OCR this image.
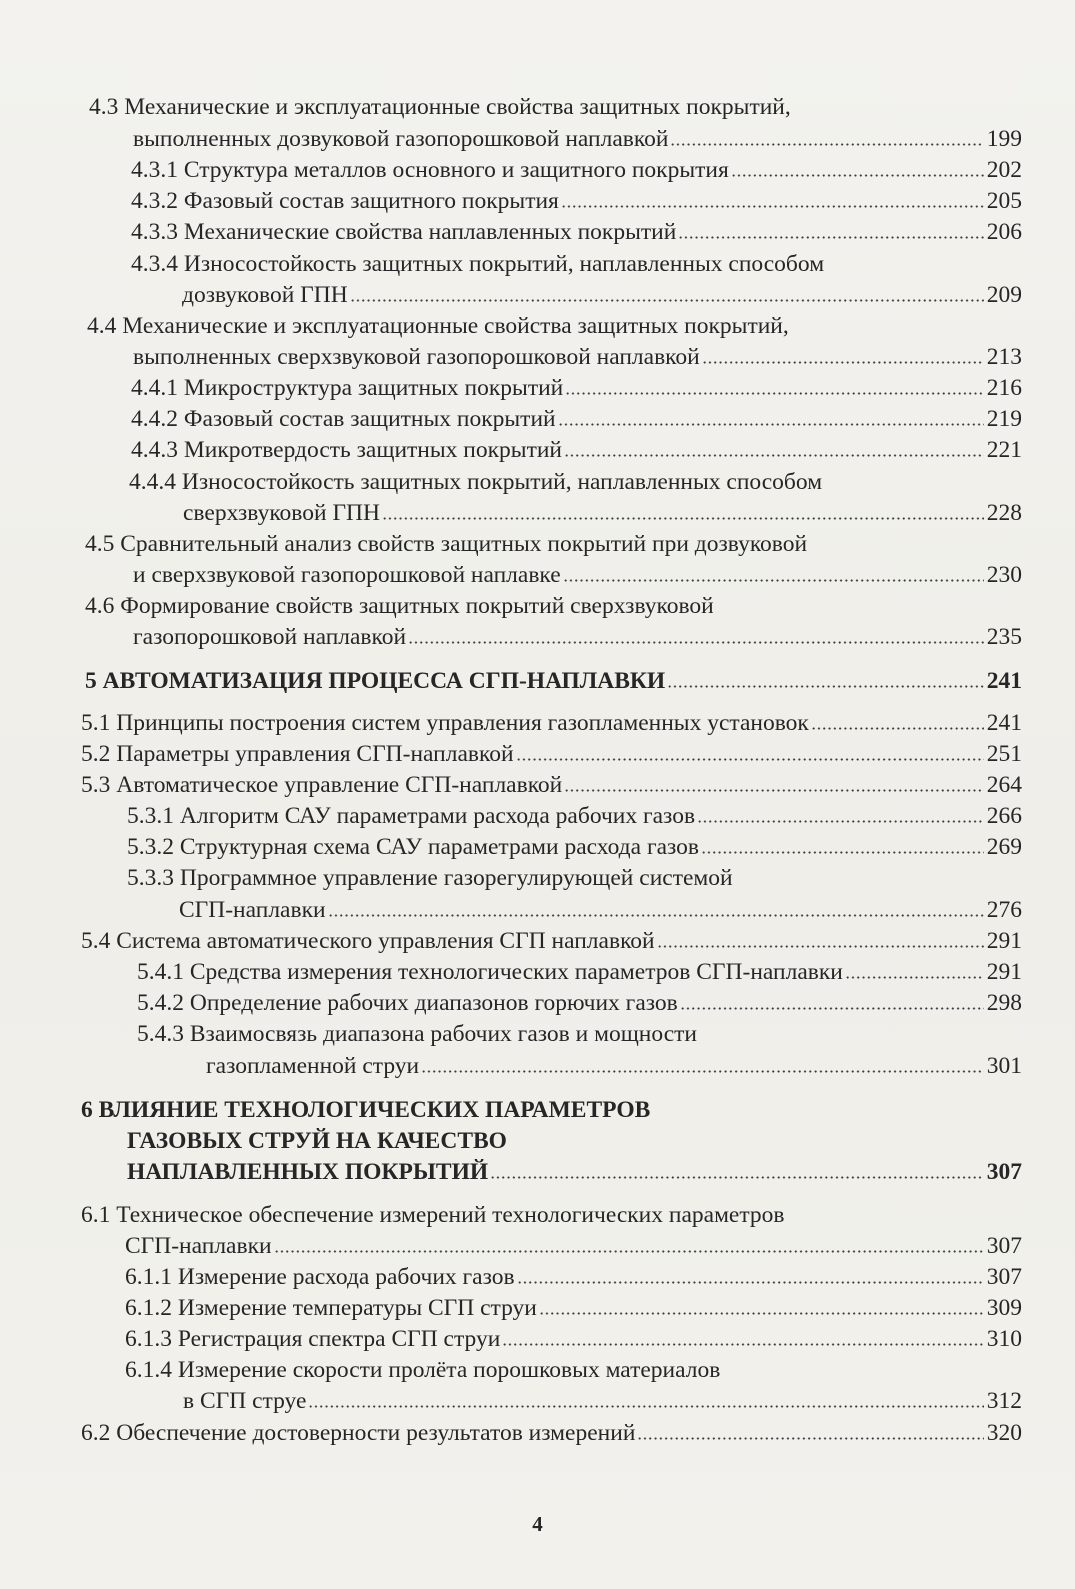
4.3 Механические и эксплуатационные свойства защитных покрытий,
выполненных дозвуковой газопорошковой наплавкой	199
4.3.1 Структура металлов основного и защитного покрытия	202
4.3.2 Фазовый состав защитного покрытия	205
4.3.3 Механические свойства наплавленных покрытий	206
4.3.4 Износостойкость защитных покрытий, наплавленных способом
дозвуковой ГПН	209
4.4 Механические и эксплуатационные свойства защитных покрытий,
выполненных сверхзвуковой газопорошковой наплавкой	213
4.4.1 Микроструктура защитных покрытий	216
4.4.2 Фазовый состав защитных покрытий	219
4.4.3 Микротвердость защитных покрытий	221
4.4.4 Износостойкость защитных покрытий, наплавленных способом
сверхзвуковой ГПН	228
4.5 Сравнительный анализ свойств защитных покрытий при дозвуковой
и сверхзвуковой газопорошковой наплавке	230
4.6 Формирование свойств защитных покрытий сверхзвуковой
газопорошковой наплавкой	235
5 АВТОМАТИЗАЦИЯ ПРОЦЕССА СГП-НАПЛАВКИ	241
5.1 Принципы построения систем управления газопламенных установок	241
5.2 Параметры управления СГП-наплавкой	251
5.3 Автоматическое управление СГП-наплавкой	264
5.3.1 Алгоритм САУ параметрами расхода рабочих газов	266
5.3.2 Структурная схема САУ параметрами расхода газов	269
5.3.3 Программное управление газорегулирующей системой
СГП-наплавки	276
5.4 Система автоматического управления СГП наплавкой	291
5.4.1 Средства измерения технологических параметров СГП-наплавки	291
5.4.2 Определение рабочих диапазонов горючих газов	298
5.4.3 Взаимосвязь диапазона рабочих газов и мощности
газопламенной струи	301
6 ВЛИЯНИЕ ТЕХНОЛОГИЧЕСКИХ ПАРАМЕТРОВ
ГАЗОВЫХ СТРУЙ НА КАЧЕСТВО
НАПЛАВЛЕННЫХ ПОКРЫТИЙ	307
6.1 Техническое обеспечение измерений технологических параметров
СГП-наплавки	307
6.1.1 Измерение расхода рабочих газов	307
6.1.2 Измерение температуры СГП струи	309
6.1.3 Регистрация спектра СГП струи	310
6.1.4 Измерение скорости пролёта порошковых материалов
в СГП струе	312
6.2 Обеспечение достоверности результатов измерений	320
4
